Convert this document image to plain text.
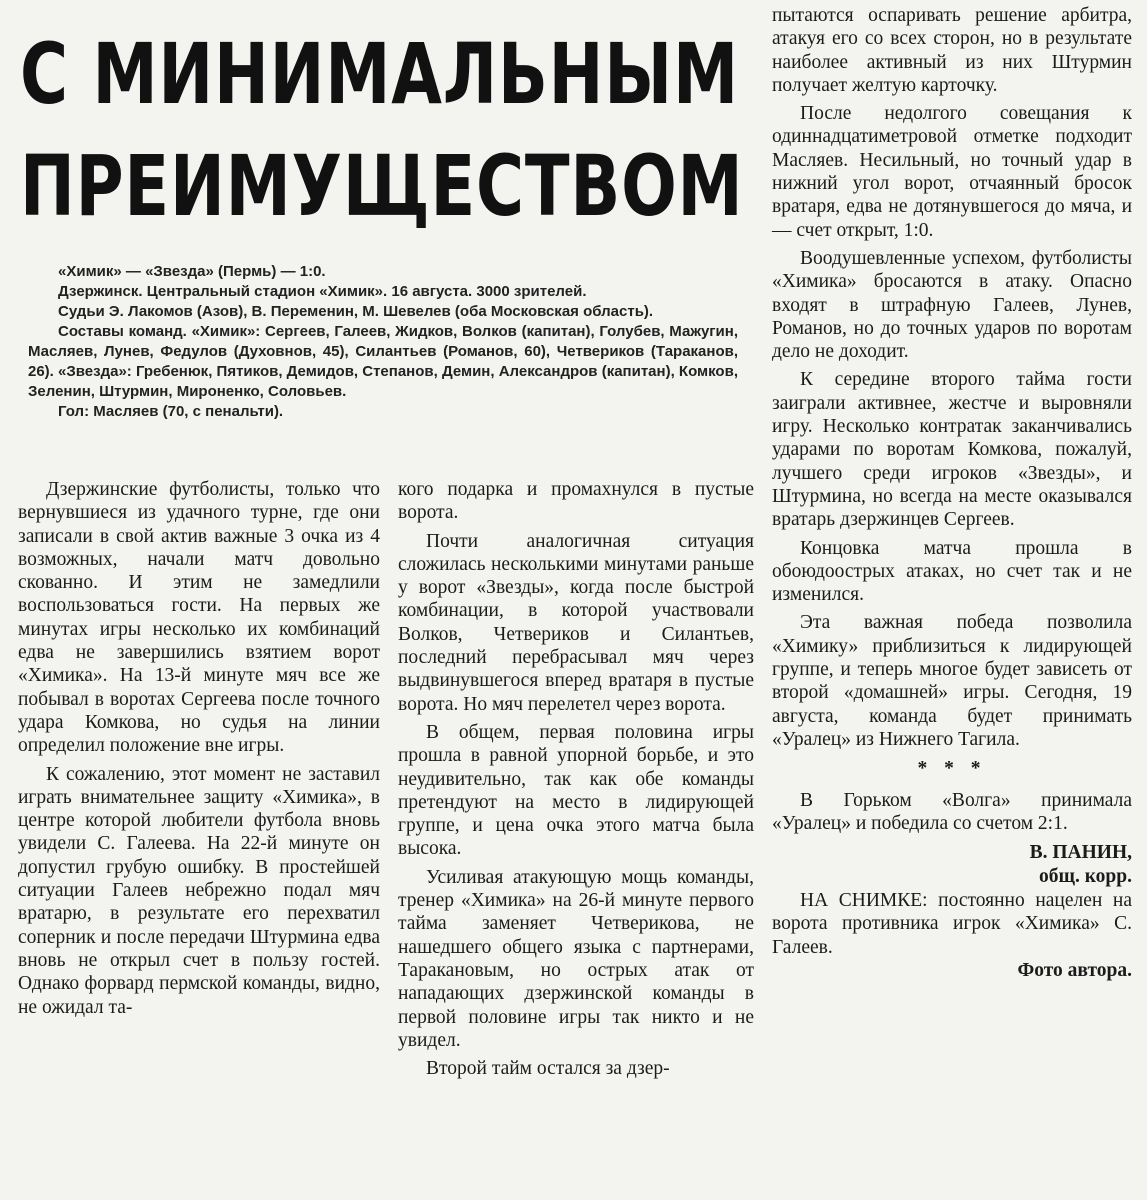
С МИНИМАЛЬНЫМ
ПРЕИМУЩЕСТВОМ

«Химик» — «Звезда» (Пермь) — 1:0.

Дзержинск. Центральный стадион «Химик». 16 августа. 3000 зрителей.

Судьи Э. Лакомов (Азов), В. Переменин, М. Шевелев (оба Московская область).

Составы команд. «Химик»: Сергеев, Галеев, Жидков, Волков (капитан), Голубев, Мажугин, Масляев, Лунев, Федулов (Духовнов, 45), Силантьев (Романов, 60), Четвериков (Тараканов, 26). «Звезда»: Гребенюк, Пятиков, Демидов, Степанов, Демин, Александров (капитан), Комков, Зеленин, Штурмин, Мироненко, Соловьев.

Гол: Масляев (70, с пенальти).

Дзержинские футболисты, только что вернувшиеся из удачного турне, где они записали в свой актив важные 3 очка из 4 возможных, начали матч довольно скованно. И этим не замедлили воспользоваться гости. На первых же минутах игры несколько их комбинаций едва не завершились взятием ворот «Химика». На 13-й минуте мяч все же побывал в воротах Сергеева после точного удара Комкова, но судья на линии определил положение вне игры.

К сожалению, этот момент не заставил играть внимательнее защиту «Химика», в центре которой любители футбола вновь увидели С. Галеева. На 22-й минуте он допустил грубую ошибку. В простейшей ситуации Галеев небрежно подал мяч вратарю, в результате его перехватил соперник и после передачи Штурмина едва вновь не открыл счет в пользу гостей. Однако форвард пермской команды, видно, не ожидал та-

кого подарка и промахнулся в пустые ворота.

Почти аналогичная ситуация сложилась несколькими минутами раньше у ворот «Звезды», когда после быстрой комбинации, в которой участвовали Волков, Четвериков и Силантьев, последний перебрасывал мяч через выдвинувшегося вперед вратаря в пустые ворота. Но мяч перелетел через ворота.

В общем, первая половина игры прошла в равной упорной борьбе, и это неудивительно, так как обе команды претендуют на место в лидирующей группе, и цена очка этого матча была высока.

Усиливая атакующую мощь команды, тренер «Химика» на 26-й минуте первого тайма заменяет Четверикова, не нашедшего общего языка с партнерами, Таракановым, но острых атак от нападающих дзержинской команды в первой половине игры так никто и не увидел.

Второй тайм остался за дзер-

пытаются оспаривать решение арбитра, атакуя его со всех сторон, но в результате наиболее активный из них Штурмин получает желтую карточку.

После недолгого совещания к одиннадцатиметровой отметке подходит Масляев. Несильный, но точный удар в нижний угол ворот, отчаянный бросок вратаря, едва не дотянувшегося до мяча, и — счет открыт, 1:0.

Воодушевленные успехом, футболисты «Химика» бросаются в атаку. Опасно входят в штрафную Галеев, Лунев, Романов, но до точных ударов по воротам дело не доходит.

К середине второго тайма гости заиграли активнее, жестче и выровняли игру. Несколько контратак заканчивались ударами по воротам Комкова, пожалуй, лучшего среди игроков «Звезды», и Штурмина, но всегда на месте оказывался вратарь дзержинцев Сергеев.

Концовка матча прошла в обоюдоострых атаках, но счет так и не изменился.

Эта важная победа позволила «Химику» приблизиться к лидирующей группе, и теперь многое будет зависеть от второй «домашней» игры. Сегодня, 19 августа, команда будет принимать «Уралец» из Нижнего Тагила.

* * *

В Горьком «Волга» принимала «Уралец» и победила со счетом 2:1.

В. ПАНИН,
общ. корр.

НА СНИМКЕ: постоянно нацелен на ворота противника игрок «Химика» С. Галеев.

Фото автора.
